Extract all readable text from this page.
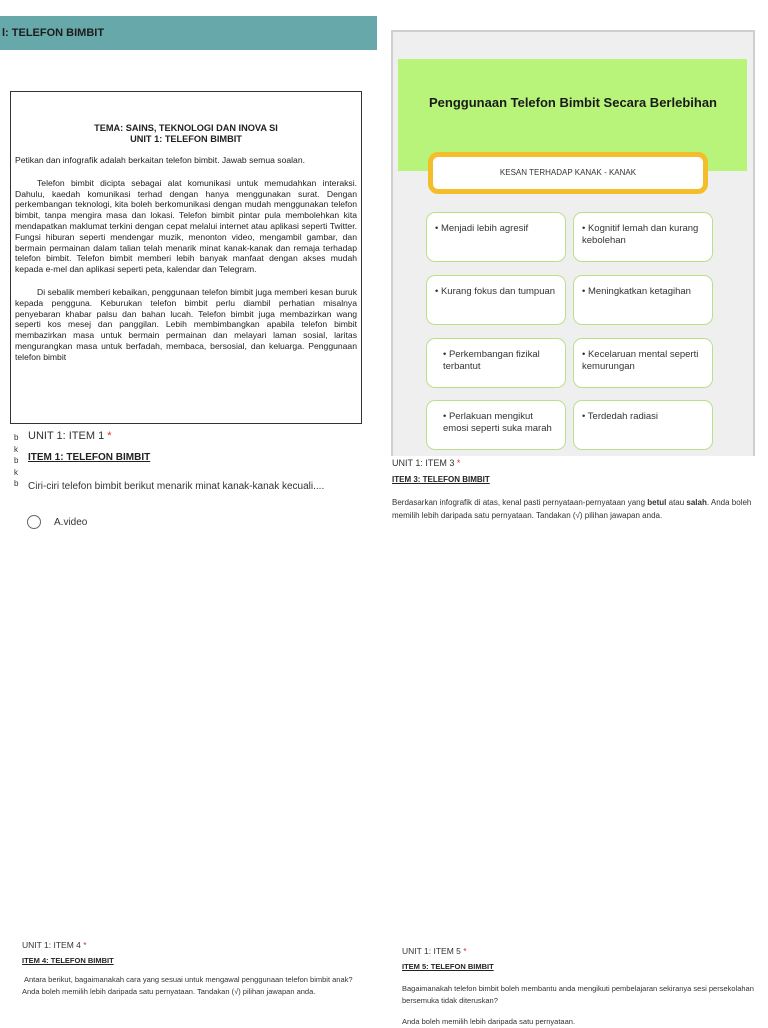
l: TELEFON BIMBIT
TEMA: SAINS, TEKNOLOGI DAN INOVA SI
UNIT 1: TELEFON BIMBIT

Petikan dan infografik adalah berkaitan telefon bimbit. Jawab semua soalan.

Telefon bimbit dicipta sebagai alat komunikasi untuk memudahkan interaksi. Dahulu, kaedah komunikasi terhad dengan hanya menggunakan surat. Dengan perkembangan teknologi, kita boleh berkomunikasi dengan mudah menggunakan telefon bimbit, tanpa mengira masa dan lokasi. Telefon bimbit pintar pula membolehkan kita mendapatkan maklumat terkini dengan cepat melalui internet atau aplikasi seperti Twitter. Fungsi hiburan seperti mendengar muzik, menonton video, mengambil gambar, dan bermain permainan dalam talian telah menarik minat kanak-kanak dan remaja terhadap telefon bimbit. Telefon bimbit memberi lebih banyak manfaat dengan akses mudah kepada e-mel dan aplikasi seperti peta, kalendar dan Telegram.

Di sebalik memberi kebaikan, penggunaan telefon bimbit juga memberi kesan buruk kepada pengguna. Keburukan telefon bimbit perlu diambil perhatian misalnya penyebaran khabar palsu dan bahan lucah. Telefon bimbit juga membazirkan wang seperti kos mesej dan panggilan. Lebih membimbangkan apabila telefon bimbit membazirkan masa untuk bermain permainan dan melayari laman sosial, laritas mengurangkan masa untuk berfadah, membaca, bersosial, dan keluarga. Penggunaan telefon bimbit

b
k
b
k
b
UNIT 1: ITEM 1 *
ITEM 1: TELEFON BIMBIT
Ciri-ciri telefon bimbit berikut menarik minat kanak-kanak kecuali....
A.video
Penggunaan Telefon Bimbit Secara Berlebihan
KESAN TERHADAP KANAK - KANAK
• Menjadi lebih agresif	• Kognitif lemah dan kurang kebolehan
• Kurang fokus dan tumpuan	• Meningkatkan ketagihan
• Perkembangan fizikal terbantut
• Kecelaruan mental seperti kemurungan
• Perlakuan mengikut emosi seperti suka marah
• Terdedah radiasi
UNIT 1: ITEM 3 *
ITEM 3: TELEFON BIMBIT
Berdasarkan infografik di atas, kenal pasti pernyataan-pernyataan yang betul atau salah. Anda boleh memilih lebih daripada satu pernyataan. Tandakan (√) pilihan jawapan anda.
UNIT 1: ITEM 4 *
ITEM 4: TELEFON BIMBIT
Antara berikut, bagaimanakah cara yang sesuai untuk mengawal penggunaan telefon bimbit anak?
Anda boleh memilih lebih daripada satu pernyataan. Tandakan (√) pilihan jawapan anda.
UNIT 1: ITEM 5 *
ITEM 5: TELEFON BIMBIT
Bagaimanakah telefon bimbit boleh membantu anda mengikuti pembelajaran sekiranya sesi persekolahan bersemuka tidak diteruskan?
Anda boleh memilih lebih daripada satu pernyataan.
